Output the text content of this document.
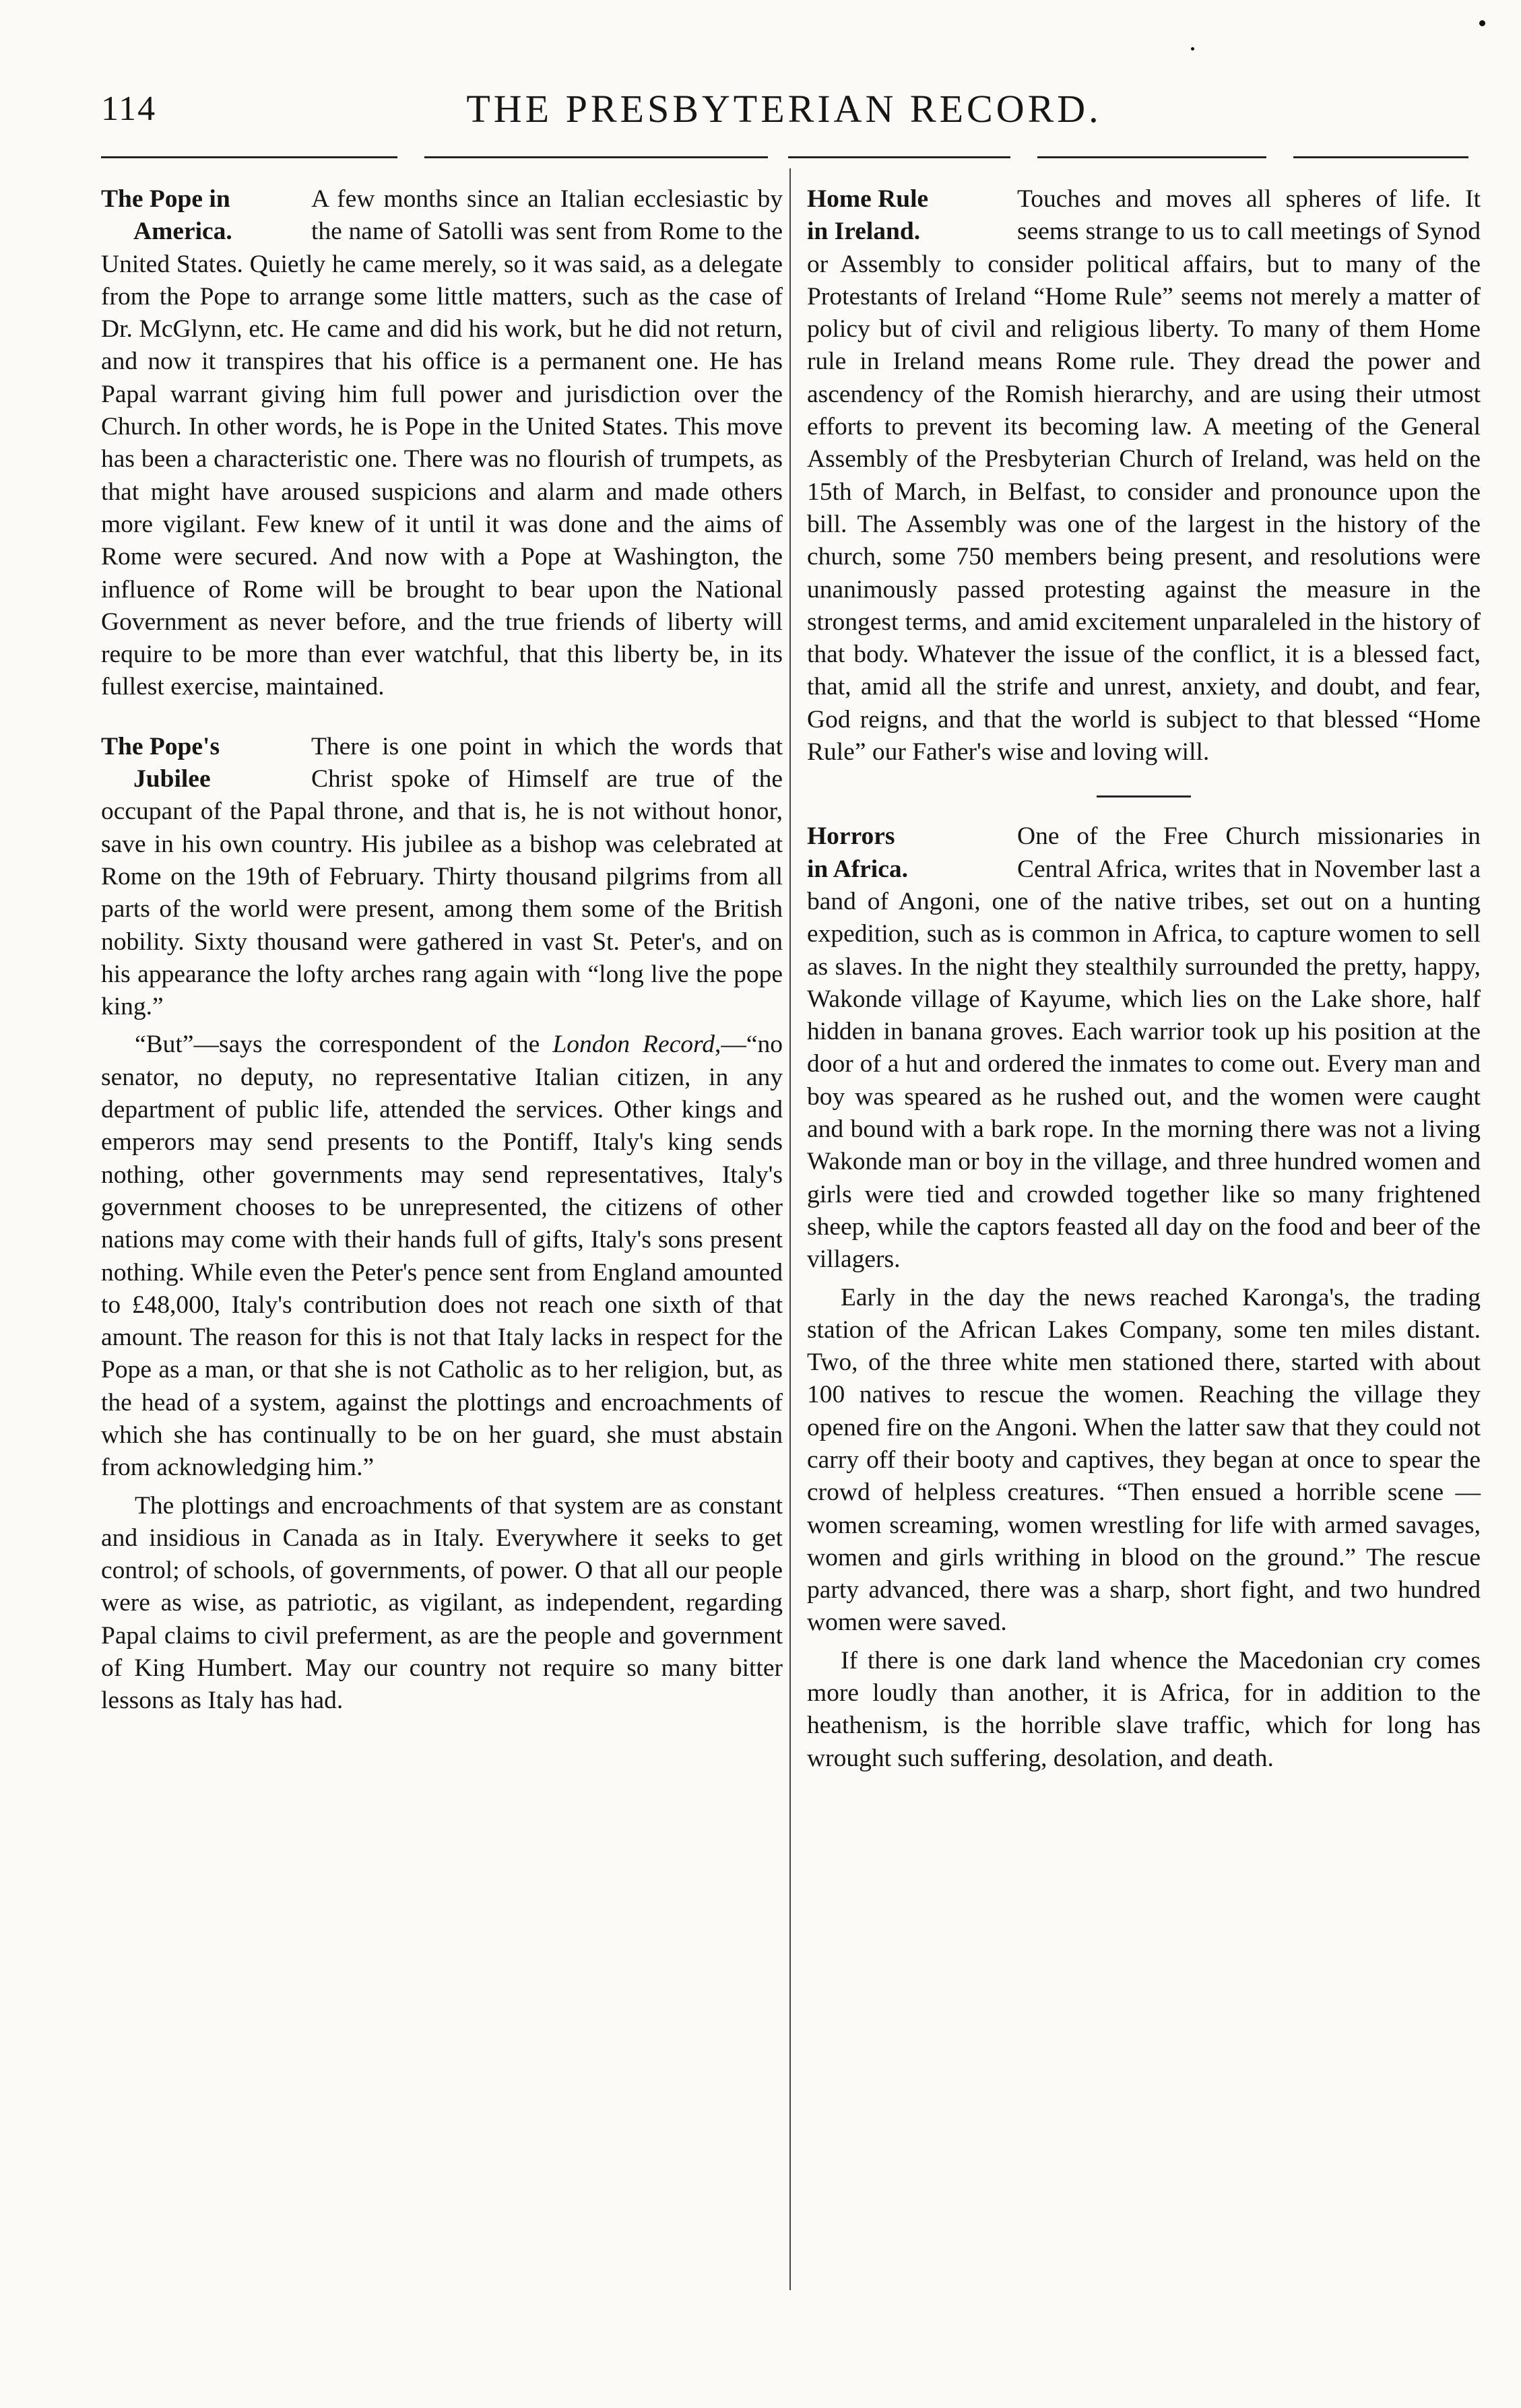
114	THE PRESBYTERIAN RECORD.
The Pope in
America.

A few months since an Italian ecclesiastic by the name of Satolli was sent from Rome to the United States. Quietly he came merely, so it was said, as a delegate from the Pope to arrange some little matters, such as the case of Dr. McGlynn, etc. He came and did his work, but he did not return, and now it transpires that his office is a permanent one. He has Papal warrant giving him full power and jurisdiction over the Church. In other words, he is Pope in the United States. This move has been a characteristic one. There was no flourish of trumpets, as that might have aroused suspicions and alarm and made others more vigilant. Few knew of it until it was done and the aims of Rome were secured. And now with a Pope at Washington, the influence of Rome will be brought to bear upon the National Government as never before, and the true friends of liberty will require to be more than ever watchful, that this liberty be, in its fullest exercise, maintained.

The Pope's
Jubilee

There is one point in which the words that Christ spoke of Himself are true of the occupant of the Papal throne, and that is, he is not without honor, save in his own country. His jubilee as a bishop was celebrated at Rome on the 19th of February. Thirty thousand pilgrims from all parts of the world were present, among them some of the British nobility. Sixty thousand were gathered in vast St. Peter's, and on his appearance the lofty arches rang again with “long live the pope king.”

“But”—says the correspondent of the London Record,—“no senator, no deputy, no representative Italian citizen, in any department of public life, attended the services. Other kings and emperors may send presents to the Pontiff, Italy's king sends nothing, other governments may send representatives, Italy's government chooses to be unrepresented, the citizens of other nations may come with their hands full of gifts, Italy's sons present nothing. While even the Peter's pence sent from England amounted to £48,000, Italy's contribution does not reach one sixth of that amount. The reason for this is not that Italy lacks in respect for the Pope as a man, or that she is not Catholic as to her religion, but, as the head of a system, against the plottings and encroachments of which she has continually to be on her guard, she must abstain from acknowledging him.”

The plottings and encroachments of that system are as constant and insidious in Canada as in Italy. Everywhere it seeks to get control; of schools, of governments, of power. O that all our people were as wise, as patriotic, as vigilant, as independent, regarding Papal claims to civil preferment, as are the people and government of King Humbert. May our country not require so many bitter lessons as Italy has had.

Home Rule
in Ireland.

Touches and moves all spheres of life. It seems strange to us to call meetings of Synod or Assembly to consider political affairs, but to many of the Protestants of Ireland “Home Rule” seems not merely a matter of policy but of civil and religious liberty. To many of them Home rule in Ireland means Rome rule. They dread the power and ascendency of the Romish hierarchy, and are using their utmost efforts to prevent its becoming law. A meeting of the General Assembly of the Presbyterian Church of Ireland, was held on the 15th of March, in Belfast, to consider and pronounce upon the bill. The Assembly was one of the largest in the history of the church, some 750 members being present, and resolutions were unanimously passed protesting against the measure in the strongest terms, and amid excitement unparaleled in the history of that body. Whatever the issue of the conflict, it is a blessed fact, that, amid all the strife and unrest, anxiety, and doubt, and fear, God reigns, and that the world is subject to that blessed “Home Rule” our Father's wise and loving will.

Horrors
in Africa.

One of the Free Church missionaries in Central Africa, writes that in November last a band of Angoni, one of the native tribes, set out on a hunting expedition, such as is common in Africa, to capture women to sell as slaves. In the night they stealthily surrounded the pretty, happy, Wakonde village of Kayume, which lies on the Lake shore, half hidden in banana groves. Each warrior took up his position at the door of a hut and ordered the inmates to come out. Every man and boy was speared as he rushed out, and the women were caught and bound with a bark rope. In the morning there was not a living Wakonde man or boy in the village, and three hundred women and girls were tied and crowded together like so many frightened sheep, while the captors feasted all day on the food and beer of the villagers.

Early in the day the news reached Karonga's, the trading station of the African Lakes Company, some ten miles distant. Two, of the three white men stationed there, started with about 100 natives to rescue the women. Reaching the village they opened fire on the Angoni. When the latter saw that they could not carry off their booty and captives, they began at once to spear the crowd of helpless creatures. “Then ensued a horrible scene — women screaming, women wrestling for life with armed savages, women and girls writhing in blood on the ground.” The rescue party advanced, there was a sharp, short fight, and two hundred women were saved.

If there is one dark land whence the Macedonian cry comes more loudly than another, it is Africa, for in addition to the heathenism, is the horrible slave traffic, which for long has wrought such suffering, desolation, and death.
